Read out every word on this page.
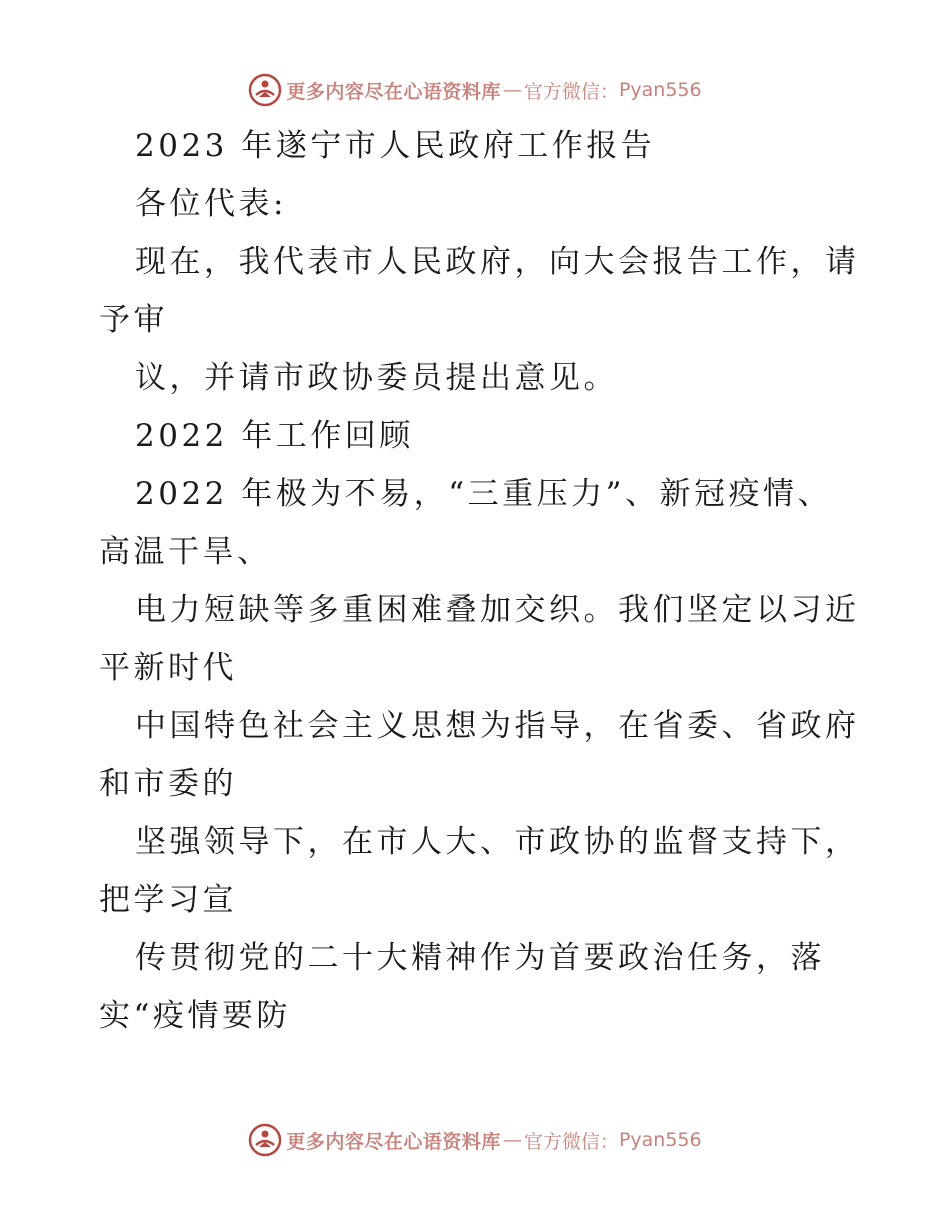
更多内容尽在心语资料库 — 官方微信： Pyan556
2023 年遂宁市人民政府工作报告
各位代表:
现在，我代表市人民政府，向大会报告工作，请
予审
议，并请市政协委员提出意见。
2022 年工作回顾
2022 年极为不易，“三重压力”、新冠疫情、
高温干旱、
电力短缺等多重困难叠加交织。我们坚定以习近
平新时代
中国特色社会主义思想为指导，在省委、省政府
和市委的
坚强领导下，在市人大、市政协的监督支持下，
把学习宣
传贯彻党的二十大精神作为首要政治任务，落
实“疫情要防
更多内容尽在心语资料库 — 官方微信： Pyan556
